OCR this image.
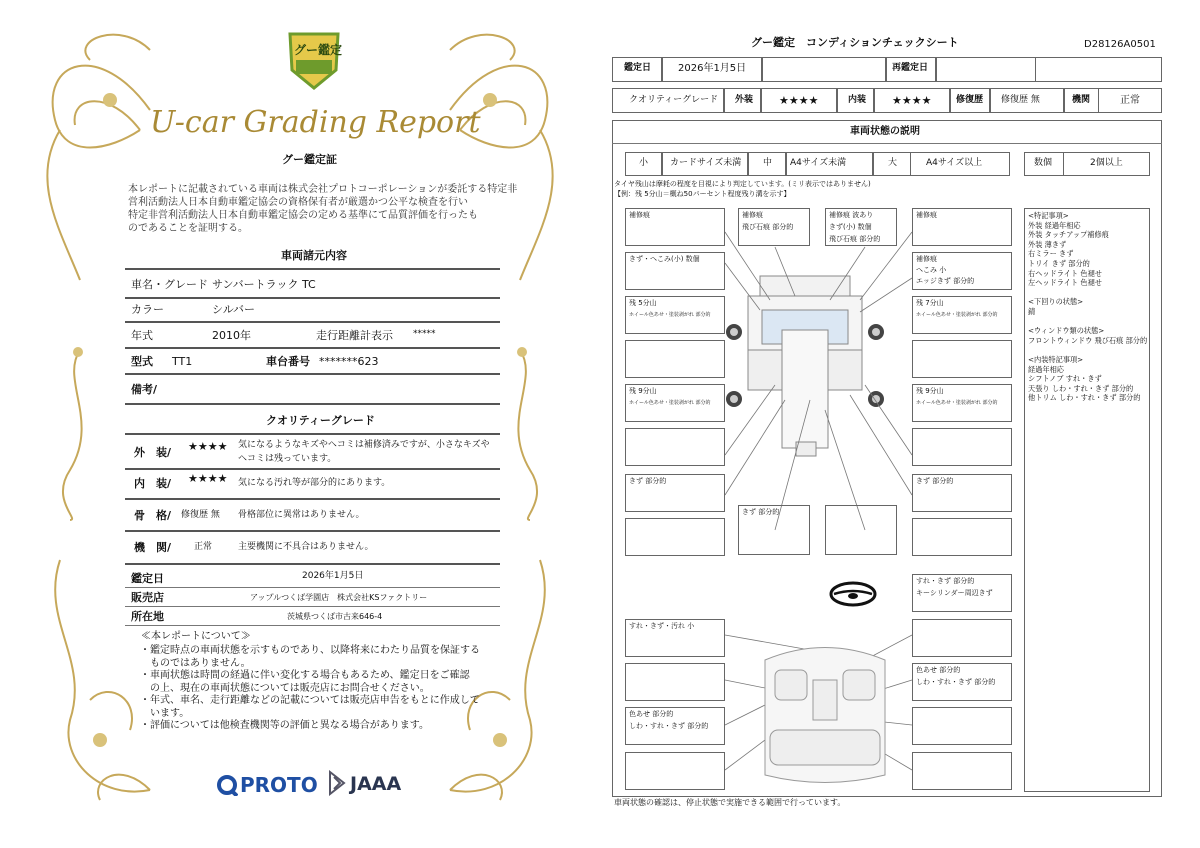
グー鑑定
U-car Grading Report
グー鑑定証
本レポートに記載されている車両は株式会社プロトコーポレーションが委託する特定非
営利活動法人日本自動車鑑定協会の資格保有者が厳選かつ公平な検査を行い
特定非営利活動法人日本自動車鑑定協会の定める基準にて品質評価を行ったも
のであることを証明する。
車両諸元内容
車名・グレード サンバートラック TC
カラー	シルバー
年式	2010年	走行距離計表示 *****
型式 TT1	車台番号 *******623
備考/
クオリティーグレード
外　装/ ★★★★ 気になるようなキズやヘコミは補修済みですが、小さなキズや
ヘコミは残っています。
内　装/ ★★★★ 気になる汚れ等が部分的にあります。
骨　格/ 修復歴 無 骨格部位に異常はありません。
機　関/	正常	主要機関に不具合はありません。
鑑定日	2026年1月5日
販売店	アップルつくば学園店　株式会社KSファクトリー
所在地	茨城県つくば市古来646-4
≪本レポートについて≫
・鑑定時点の車両状態を示すものであり、以降将来にわたり品質を保証する
　ものではありません。
・車両状態は時間の経過に伴い変化する場合もあるため、鑑定日をご確認
　の上、現在の車両状態については販売店にお問合せください。
・年式、車名、走行距離などの記載については販売店申告をもとに作成して
　います。
・評価については他検査機関等の評価と異なる場合があります。
PROTO JAAA
グー鑑定　コンディションチェックシート	D28126A0501
鑑定日	2026年1月5日	再鑑定日
クオリティーグレード 外装 ★★★★	内装 ★★★★	修復歴 修復歴 無	機関	正常
車両状態の説明
小 カードサイズ未満 中 A4サイズ未満	大	A4サイズ以上	数個	2個以上
タイヤ残山は摩耗の程度を目視により判定しています。(ミリ表示ではありません)
【例：残 5分山＝概ね50パーセント程度残り溝を示す】
補修痕	補修痕
飛び石痕 部分的
補修痕 波あり
きず(小) 数個
飛び石痕 部分的
補修痕
きず・へこみ(小) 数個	補修痕
へこみ 小
エッジきず 部分的
残 5分山
ホイール色あせ・塗装剥がれ 部分的
残 7分山
ホイール色あせ・塗装剥がれ 部分的
残 9分山
ホイール色あせ・塗装剥がれ 部分的
残 9分山
ホイール色あせ・塗装剥がれ 部分的
きず 部分的	きず 部分的
きず 部分的
すれ・きず 部分的
キーシリンダー周辺きず
すれ・きず・汚れ 小
色あせ 部分的
しわ・すれ・きず 部分的
色あせ 部分的
しわ・すれ・きず 部分的
<特記事項>
外装 経過年相応
外装 タッチアップ補修痕
外装 薄きず
右ミラー きず
トリイ きず 部分的
右ヘッドライト 色褪せ
左ヘッドライト 色褪せ
<下回りの状態>
錆
<ウィンドウ類の状態>
フロントウィンドウ 飛び石痕 部分的
<内装特記事項>
経過年相応
シフトノブ すれ・きず
天張り しわ・すれ・きず 部分的
他トリム しわ・すれ・きず 部分的
車両状態の確認は、停止状態で実施できる範囲で行っています。
